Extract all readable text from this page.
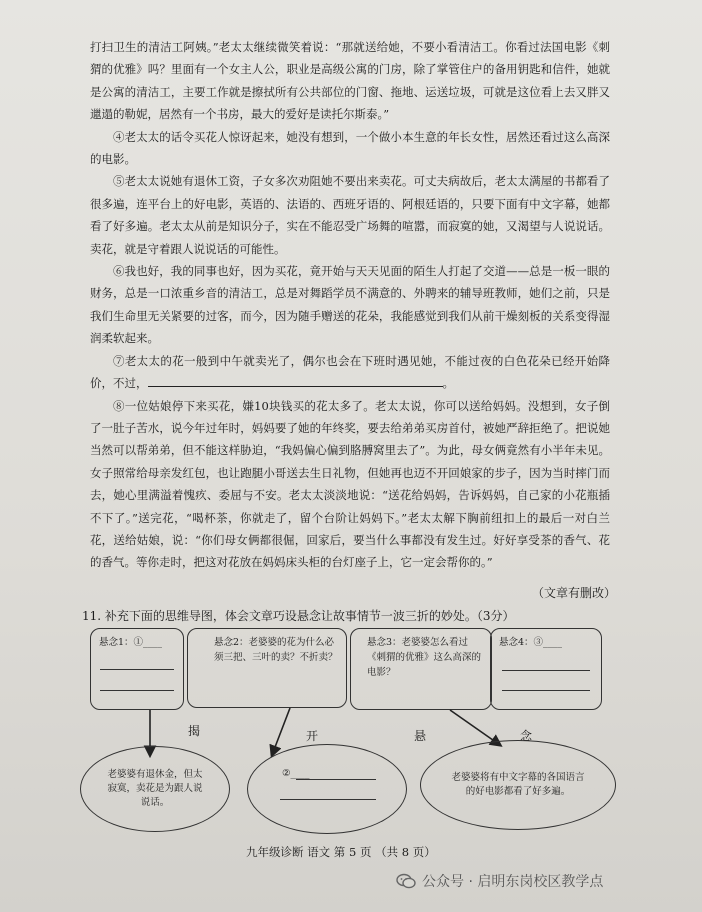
打扫卫生的清洁工阿姨。”老太太继续微笑着说：“那就送给她，不要小看清洁工。你看过法国电影《刺猬的优雅》吗？里面有一个女主人公，职业是高级公寓的门房，除了掌管住户的备用钥匙和信件，她就是公寓的清洁工，主要工作就是擦拭所有公共部位的门窗、拖地、运送垃圾，可就是这位看上去又胖又邋遢的勒妮，居然有一个书房，最大的爱好是读托尔斯泰。”

④老太太的话令买花人惊讶起来，她没有想到，一个做小本生意的年长女性，居然还看过这么高深的电影。

⑤老太太说她有退休工资，子女多次劝阻她不要出来卖花。可丈夫病故后，老太太满屋的书都看了很多遍，连平台上的好电影，英语的、法语的、西班牙语的、阿根廷语的，只要下面有中文字幕，她都看了好多遍。老太太从前是知识分子，实在不能忍受广场舞的喧嚣，而寂寞的她，又渴望与人说说话。卖花，就是守着跟人说说话的可能性。

⑥我也好，我的同事也好，因为买花，竟开始与天天见面的陌生人打起了交道——总是一板一眼的财务，总是一口浓重乡音的清洁工，总是对舞蹈学员不满意的、外聘来的辅导班教师，她们之前，只是我们生命里无关紧要的过客，而今，因为随手赠送的花朵，我能感觉到我们从前干燥刻板的关系变得湿润柔软起来。

⑦老太太的花一般到中午就卖光了，偶尔也会在下班时遇见她，不能过夜的白色花朵已经开始降价，不过，	。

⑧一位姑娘停下来买花，嫌10块钱买的花太多了。老太太说，你可以送给妈妈。没想到，女子倒了一肚子苦水，说今年过年时，妈妈要了她的年终奖，要去给弟弟买房首付，被她严辞拒绝了。把说她当然可以帮弟弟，但不能这样胁迫，“我妈偏心偏到胳膊窝里去了”。为此，母女俩竟然有小半年未见。女子照常给母亲发红包，也让跑腿小哥送去生日礼物，但她再也迈不开回娘家的步子，因为当时摔门而去，她心里满溢着愧疚、委屈与不安。老太太淡淡地说：“送花给妈妈，告诉妈妈，自己家的小花瓶插不下了。”送完花，“喝杯茶，你就走了，留个台阶让妈妈下。”老太太解下胸前纽扣上的最后一对白兰花，送给姑娘，说：“你们母女俩都很倔，回家后，要当什么事都没有发生过。好好享受茶的香气、花的香气。等你走时，把这对花放在妈妈床头柜的台灯座子上，它一定会帮你的。”

（文章有删改）
11. 补充下面的思维导图，体会文章巧设悬念让故事情节一波三折的妙处。（3分）
悬念1：①____	悬念2：老婆婆的花为什么必须三把、三叶的卖？不折卖？
悬念3：老婆婆怎么看过《刺猬的优雅》这么高深的电影？
悬念4：③____
揭	开	悬	念
老婆婆有退休金，但太寂寞，卖花是为跟人说说话。
②____	老婆婆将有中文字幕的各国语言的好电影都看了好多遍。
九年级诊断 语文 第 5 页 （共 8 页）
公众号 · 启明东岗校区教学点
